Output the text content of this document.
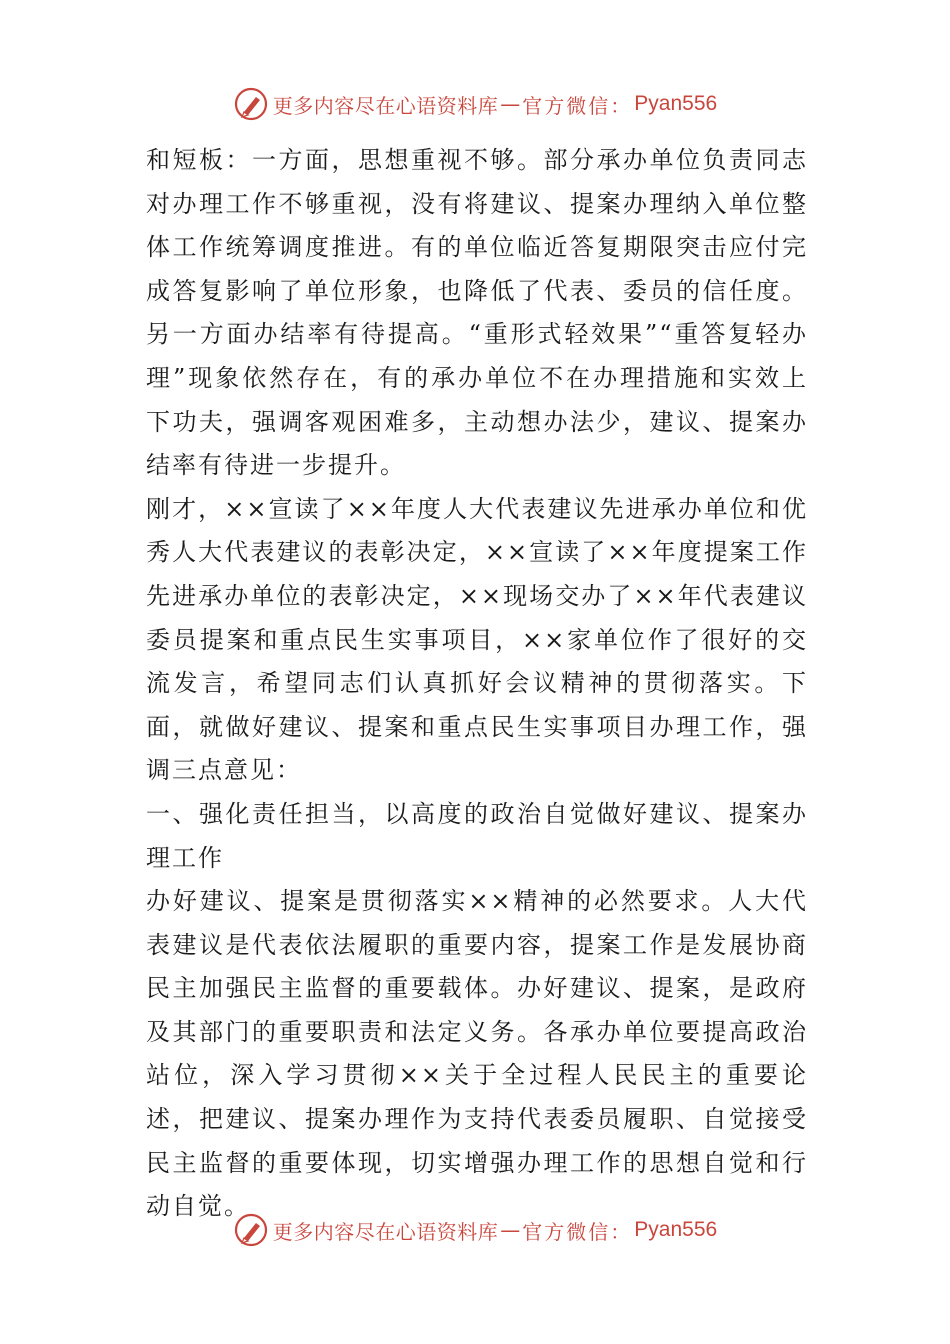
更多内容尽在心语资料库 — 官方微信： Pyan556

和短板：一方面，思想重视不够。部分承办单位负责同志对办理工作不够重视，没有将建议、提案办理纳入单位整体工作统筹调度推进。有的单位临近答复期限突击应付完成答复影响了单位形象，也降低了代表、委员的信任度。另一方面办结率有待提高。“重形式轻效果”“重答复轻办理”现象依然存在，有的承办单位不在办理措施和实效上下功夫，强调客观困难多，主动想办法少，建议、提案办结率有待进一步提升。

刚才，××宣读了××年度人大代表建议先进承办单位和优秀人大代表建议的表彰决定，××宣读了××年度提案工作先进承办单位的表彰决定，××现场交办了××年代表建议委员提案和重点民生实事项目，××家单位作了很好的交流发言，希望同志们认真抓好会议精神的贯彻落实。下面，就做好建议、提案和重点民生实事项目办理工作，强调三点意见：

一、强化责任担当，以高度的政治自觉做好建议、提案办理工作

办好建议、提案是贯彻落实××精神的必然要求。人大代表建议是代表依法履职的重要内容，提案工作是发展协商民主加强民主监督的重要载体。办好建议、提案，是政府及其部门的重要职责和法定义务。各承办单位要提高政治站位，深入学习贯彻××关于全过程人民民主的重要论述，把建议、提案办理作为支持代表委员履职、自觉接受民主监督的重要体现，切实增强办理工作的思想自觉和行动自觉。

更多内容尽在心语资料库 — 官方微信： Pyan556
